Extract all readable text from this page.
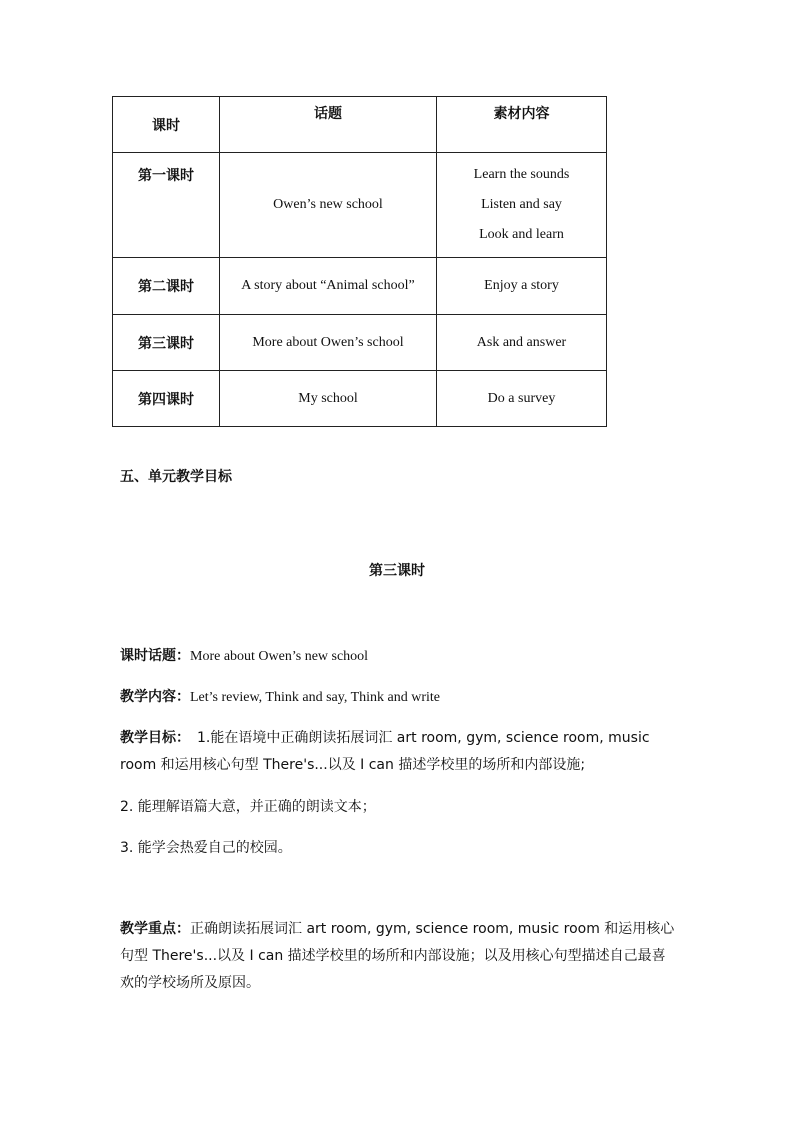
课时	话题	素材内容
第一课时	Owen’s new school	Learn the sounds
Listen and say
Look and learn

第二课时	A story about “Animal school”	Enjoy a story
第三课时	More about Owen’s school	Ask and answer
第四课时	My school	Do a survey
五、单元教学目标
第三课时

课时话题：More about Owen’s new school

教学内容：Let’s review, Think and say, Think and write

教学目标： 1.能在语境中正确朗读拓展词汇 art room, gym, science room, music room 和运用核心句型 There's...以及 I can 描述学校里的场所和内部设施;

2. 能理解语篇大意，并正确的朗读文本；

3. 能学会热爱自己的校园。

教学重点：正确朗读拓展词汇 art room, gym, science room, music room 和运用核心句型 There's...以及 I can 描述学校里的场所和内部设施；以及用核心句型描述自己最喜欢的学校场所及原因。
